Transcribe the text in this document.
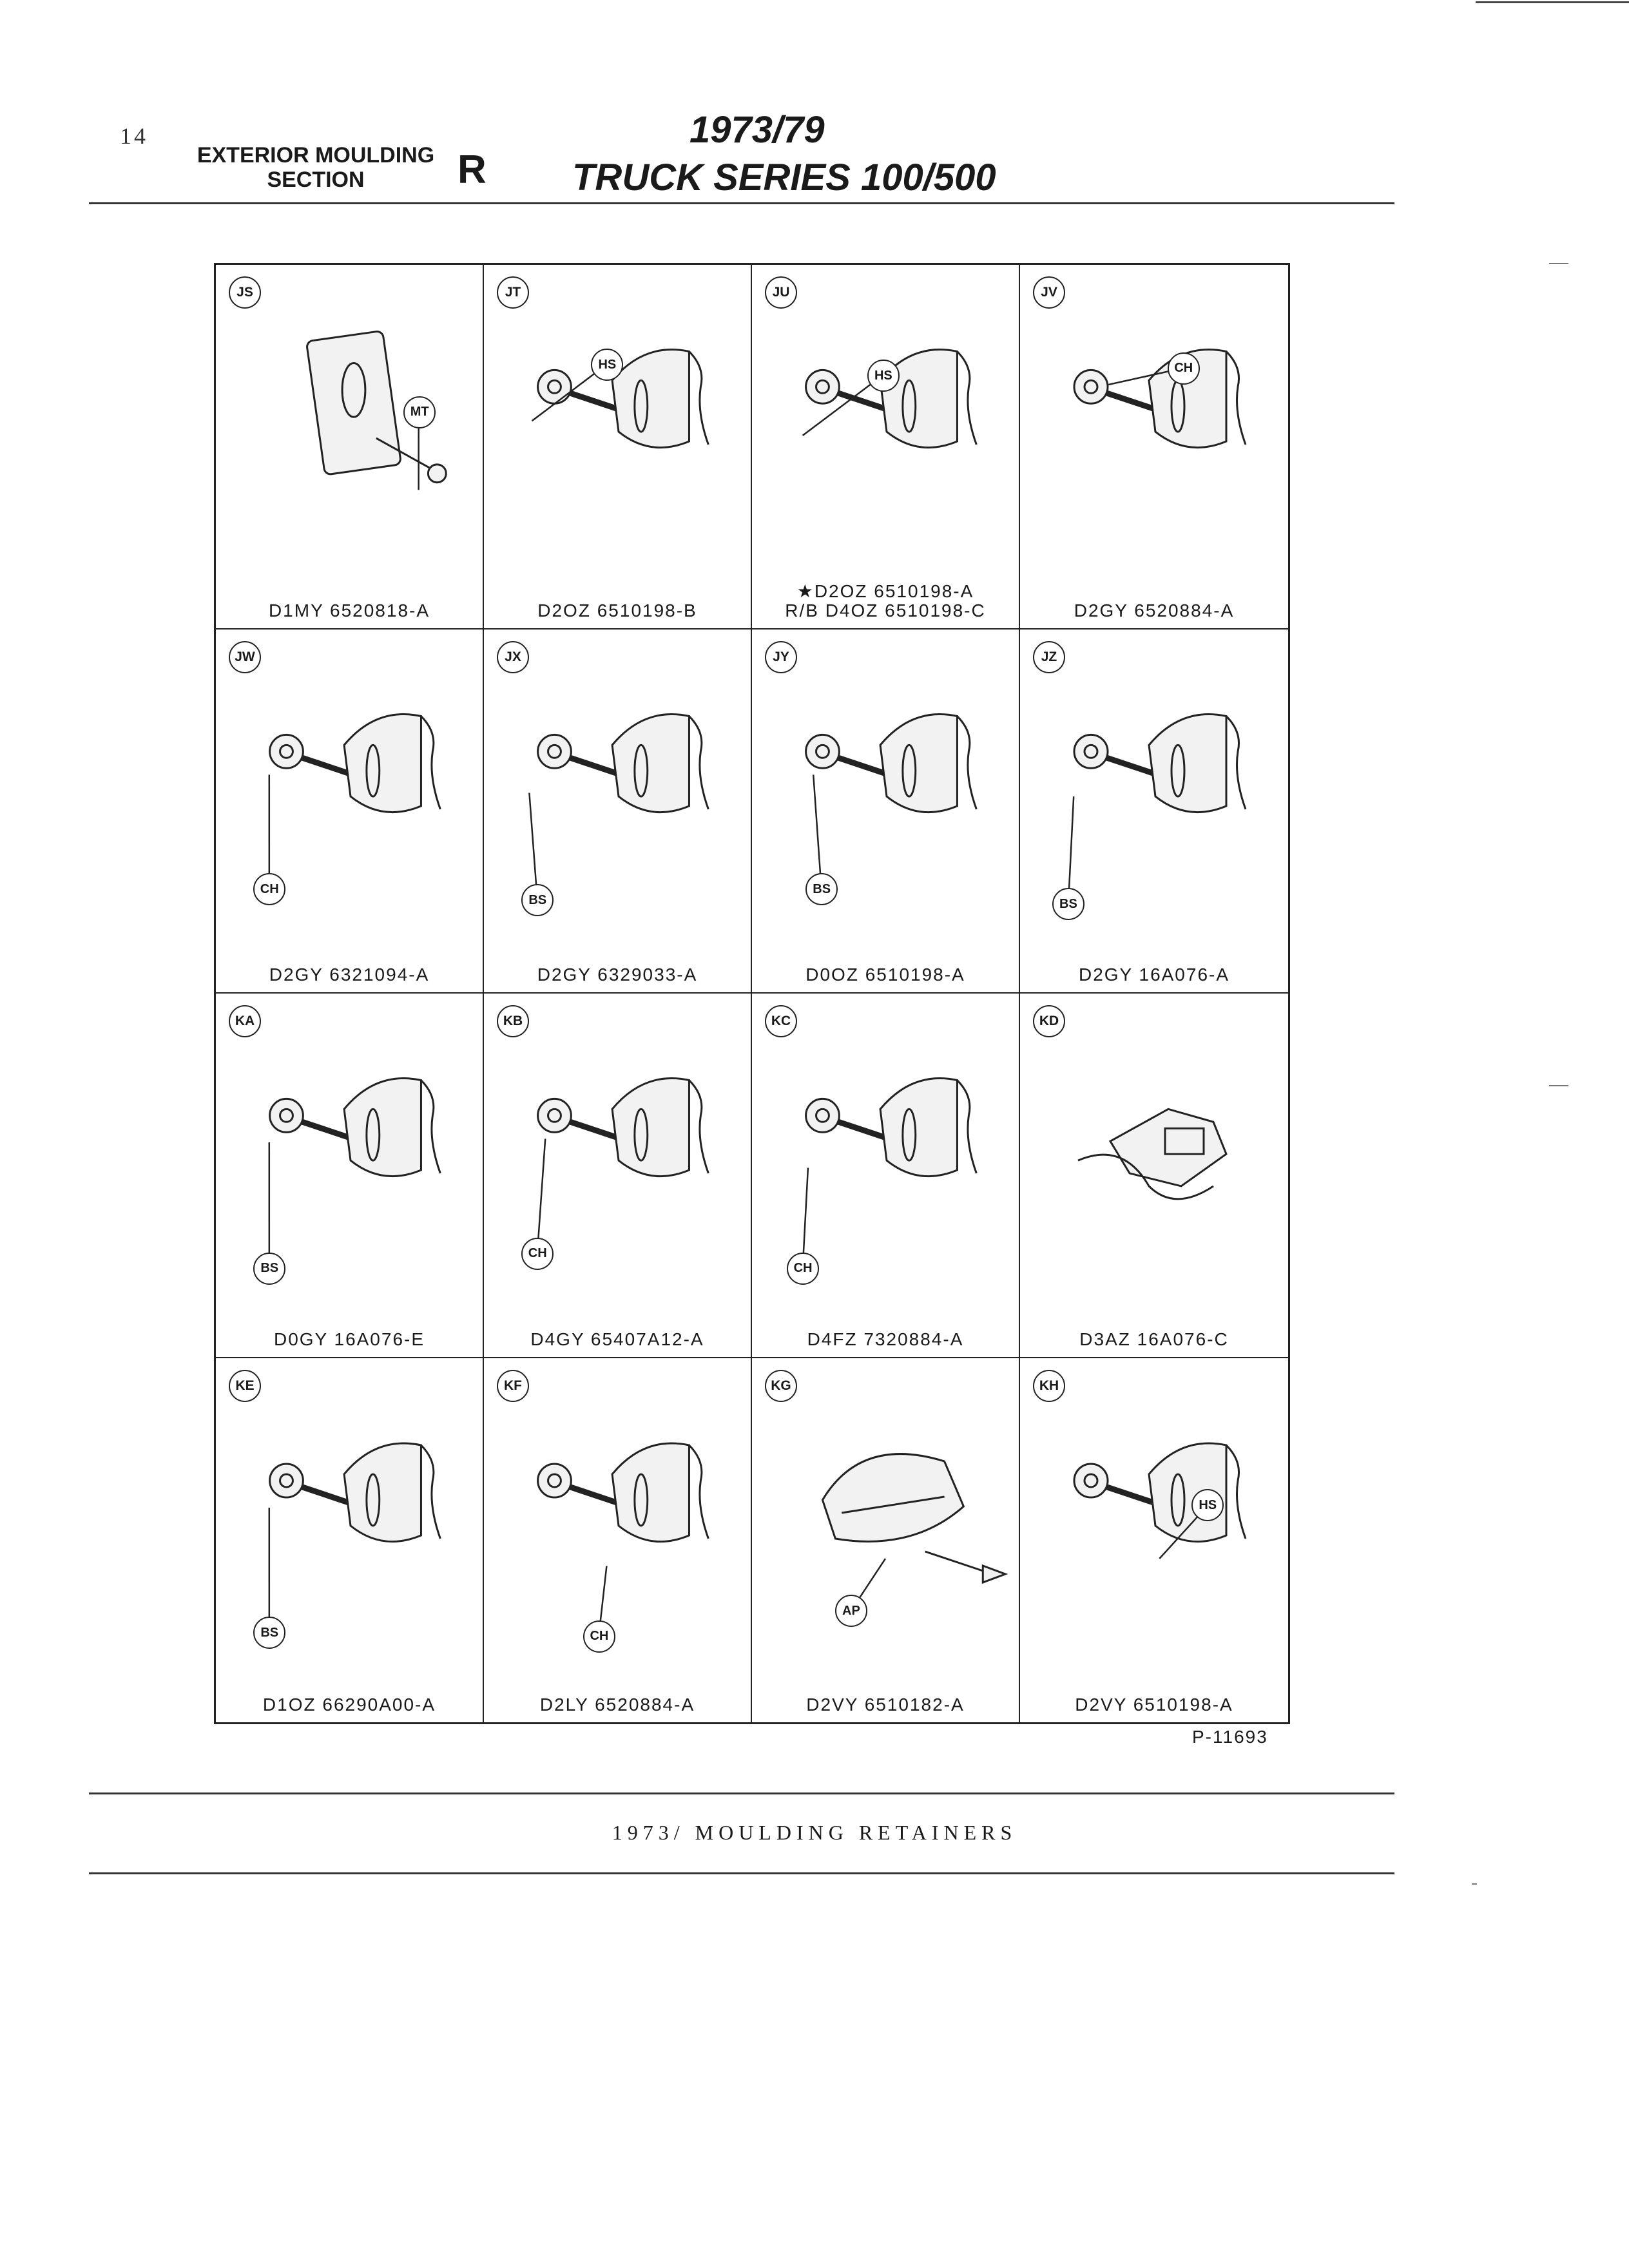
14
EXTERIOR MOULDING
SECTION	R
1973/79
TRUCK SERIES 100/500
JS
MT
D1MY 6520818-A
JT
HS
D2OZ 6510198-B
JU
HS
★D2OZ 6510198-A
R/B D4OZ 6510198-C
JV
CH
D2GY 6520884-A
JW
CH
D2GY 6321094-A
JX
BS
D2GY 6329033-A
JY
BS
D0OZ 6510198-A
JZ
BS
D2GY 16A076-A
KA
BS
D0GY 16A076-E
KB
CH
D4GY 65407A12-A
KC
CH
D4FZ 7320884-A
KD
D3AZ 16A076-C
KE
BS
D1OZ 66290A00-A
KF
CH
D2LY 6520884-A
KG
AP
D2VY 6510182-A
KH
HS
D2VY 6510198-A
P-11693
1973/ MOULDING RETAINERS
